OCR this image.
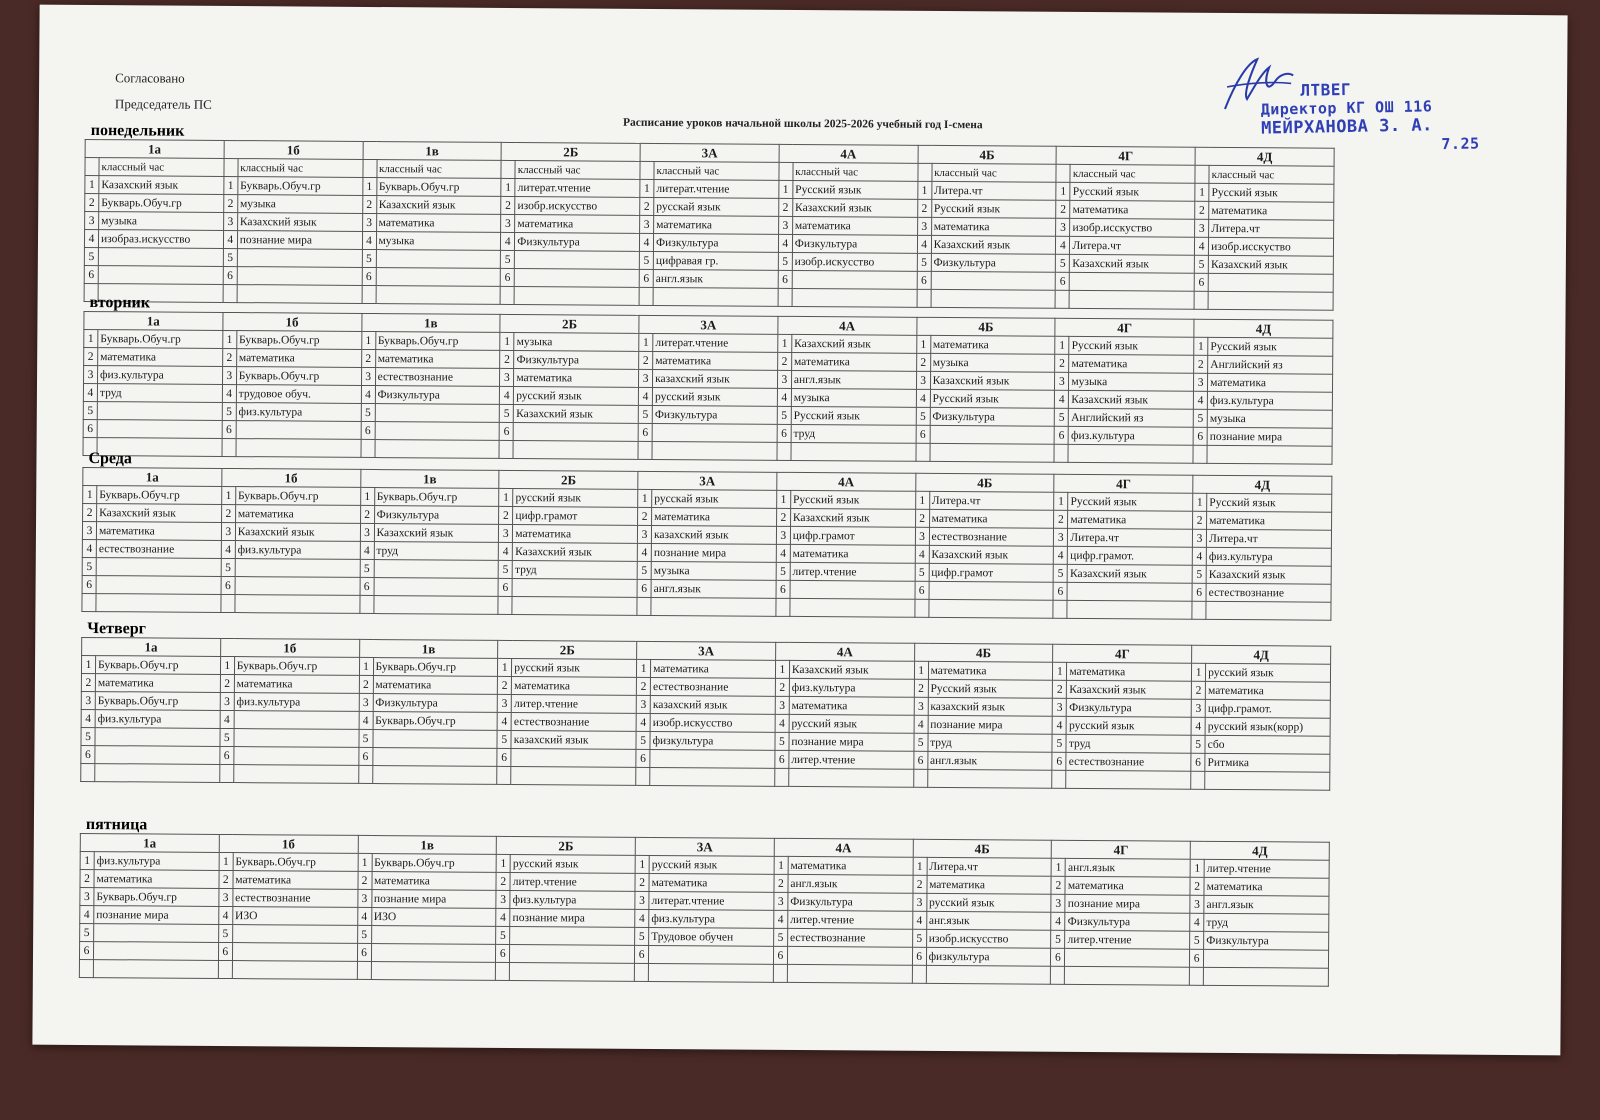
Согласовано
Председатель ПС
Расписание уроков начальной школы 2025-2026 учебный год I-смена
ЛТВЕГ
Директор КГ ОШ 116
МЕЙРХАНОВА З. А.
7.25
понедельник
1а		1б		1в		2Б		3А		4А		4Б		4Г		4Д	
	классный час		классный час		классный час		классный час		классный час		классный час		классный час		классный час		классный час
1	Казахский язык	1	Букварь.Обуч.гр	1	Букварь.Обуч.гр	1	литерат.чтение	1	литерат.чтение	1	Русский язык	1	Литера.чт	1	Русский язык	1	Русский язык
2	Букварь.Обуч.гр	2	музыка	2	Казахский язык	2	изобр.искусство	2	русскай язык	2	Казахский язык	2	Русский язык	2	математика	2	математика
3	музыка	3	Казахский язык	3	математика	3	математика	3	математика	3	математика	3	математика	3	изобр.исскуство	3	Литера.чт
4	изобраз.искусство	4	познание мира	4	музыка	4	Физкультура	4	Физкультура	4	Физкультура	4	Казахский язык	4	Литера.чт	4	изобр.исскуство
5		5		5		5		5	цифравая гр.	5	изобр.искусство	5	Физкультура	5	Казахский язык	5	Казахский язык
6		6		6		6		6	англ.язык	6		6		6		6	

вторник
1а		1б		1в		2Б		3А		4А		4Б		4Г		4Д	
1	Букварь.Обуч.гр	1	Букварь.Обуч.гр	1	Букварь.Обуч.гр	1	музыка	1	литерат.чтение	1	Казахский язык	1	математика	1	Русский язык	1	Русский язык
2	математика	2	математика	2	математика	2	Физкультура	2	математика	2	математика	2	музыка	2	математика	2	Английский яз
3	физ.культура	3	Букварь.Обуч.гр	3	естествознание	3	математика	3	казахский язык	3	англ.язык	3	Казахский язык	3	музыка	3	математика
4	труд	4	трудовое обуч.	4	Физкультура	4	русский язык	4	русский язык	4	музыка	4	Русский язык	4	Казахский язык	4	физ.культура
5		5	физ.культура	5		5	Казахский язык	5	Физкультура	5	Русский язык	5	Физкультура	5	Английский яз	5	музыка
6		6		6		6		6		6	труд	6		6	физ.культура	6	познание мира

Среда
1а		1б		1в		2Б		3А		4А		4Б		4Г		4Д	
1	Букварь.Обуч.гр	1	Букварь.Обуч.гр	1	Букварь.Обуч.гр	1	русский язык	1	русскай язык	1	Русский язык	1	Литера.чт	1	Русский язык	1	Русский язык
2	Казахский язык	2	математика	2	Физкультура	2	цифр.грамот	2	математика	2	Казахский язык	2	математика	2	математика	2	математика
3	математика	3	Казахский язык	3	Казахский язык	3	математика	3	казахский язык	3	цифр.грамот	3	естествознание	3	Литера.чт	3	Литера.чт
4	естествознание	4	физ.культура	4	труд	4	Казахский язык	4	познание мира	4	математика	4	Казахский язык	4	цифр.грамот.	4	физ.культура
5		5		5		5	труд	5	музыка	5	литер.чтение	5	цифр.грамот	5	Казахский язык	5	Казахский язык
6		6		6		6		6	англ.язык	6		6		6		6	естествознание

Четверг
1а		1б		1в		2Б		3А		4А		4Б		4Г		4Д	
1	Букварь.Обуч.гр	1	Букварь.Обуч.гр	1	Букварь.Обуч.гр	1	русский язык	1	математика	1	Казахский язык	1	математика	1	математика	1	русский язык
2	математика	2	математика	2	математика	2	математика	2	естествознание	2	физ.культура	2	Русский язык	2	Казахский язык	2	математика
3	Букварь.Обуч.гр	3	физ.культура	3	Физкультура	3	литер.чтение	3	казахский язык	3	математика	3	казахский язык	3	Физкультура	3	цифр.грамот.
4	физ.культура	4		4	Букварь.Обуч.гр	4	естествознание	4	изобр.искусство	4	русский язык	4	познание мира	4	русский язык	4	русский язык(корр)
5		5		5		5	казахский язык	5	физкультура	5	познание мира	5	труд	5	труд	5	сбо
6		6		6		6		6		6	литер.чтение	6	англ.язык	6	естествознание	6	Ритмика

пятница
1а		1б		1в		2Б		3А		4А		4Б		4Г		4Д	
1	физ.культура	1	Букварь.Обуч.гр	1	Букварь.Обуч.гр	1	русский язык	1	русский язык	1	математика	1	Литера.чт	1	англ.язык	1	литер.чтение
2	математика	2	математика	2	математика	2	литер.чтение	2	математика	2	англ.язык	2	математика	2	математика	2	математика
3	Букварь.Обуч.гр	3	естествознание	3	познание мира	3	физ.культура	3	литерат.чтение	3	Физкультура	3	русский язык	3	познание мира	3	англ.язык
4	познание мира	4	ИЗО	4	ИЗО	4	познание мира	4	физ.культура	4	литер.чтение	4	анг.язык	4	Физкультура	4	труд
5		5		5		5		5	Трудовое обучен	5	естествознание	5	изобр.искусство	5	литер.чтение	5	Физкультура
6		6		6		6		6		6		6	физкультура	6		6	
